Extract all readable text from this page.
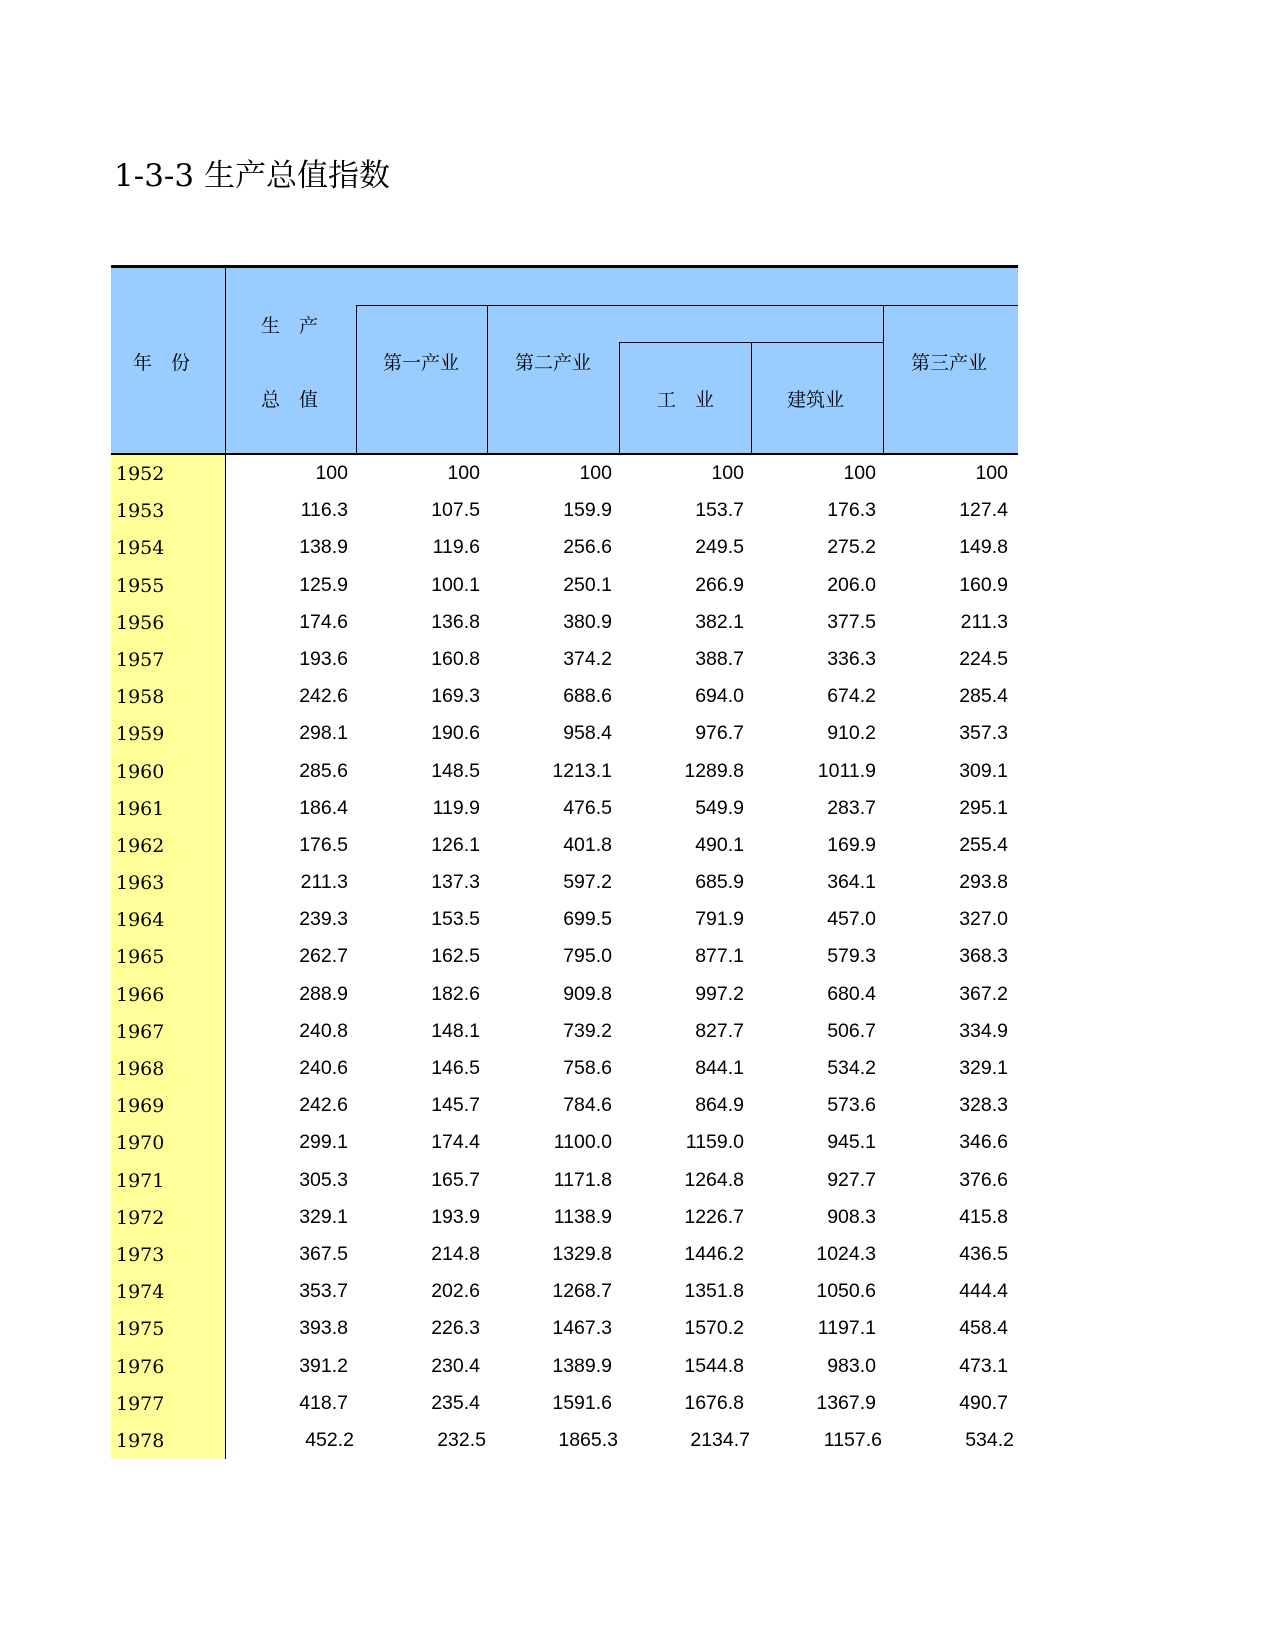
1-3-3 生产总值指数
年　份
生　产
总　值
第一产业	第二产业
工　业	建筑业
第三产业
1952	100	100	100	100	100	100
1953	116.3	107.5	159.9	153.7	176.3	127.4
1954	138.9	119.6	256.6	249.5	275.2	149.8
1955	125.9	100.1	250.1	266.9	206.0	160.9
1956	174.6	136.8	380.9	382.1	377.5	211.3
1957	193.6	160.8	374.2	388.7	336.3	224.5
1958	242.6	169.3	688.6	694.0	674.2	285.4
1959	298.1	190.6	958.4	976.7	910.2	357.3
1960	285.6	148.5	1213.1	1289.8	1011.9	309.1
1961	186.4	119.9	476.5	549.9	283.7	295.1
1962	176.5	126.1	401.8	490.1	169.9	255.4
1963	211.3	137.3	597.2	685.9	364.1	293.8
1964	239.3	153.5	699.5	791.9	457.0	327.0
1965	262.7	162.5	795.0	877.1	579.3	368.3
1966	288.9	182.6	909.8	997.2	680.4	367.2
1967	240.8	148.1	739.2	827.7	506.7	334.9
1968	240.6	146.5	758.6	844.1	534.2	329.1
1969	242.6	145.7	784.6	864.9	573.6	328.3
1970	299.1	174.4	1100.0	1159.0	945.1	346.6
1971	305.3	165.7	1171.8	1264.8	927.7	376.6
1972	329.1	193.9	1138.9	1226.7	908.3	415.8
1973	367.5	214.8	1329.8	1446.2	1024.3	436.5
1974	353.7	202.6	1268.7	1351.8	1050.6	444.4
1975	393.8	226.3	1467.3	1570.2	1197.1	458.4
1976	391.2	230.4	1389.9	1544.8	983.0	473.1
1977	418.7	235.4	1591.6	1676.8	1367.9	490.7
1978	452.2	232.5	1865.3	2134.7	1157.6	534.2
